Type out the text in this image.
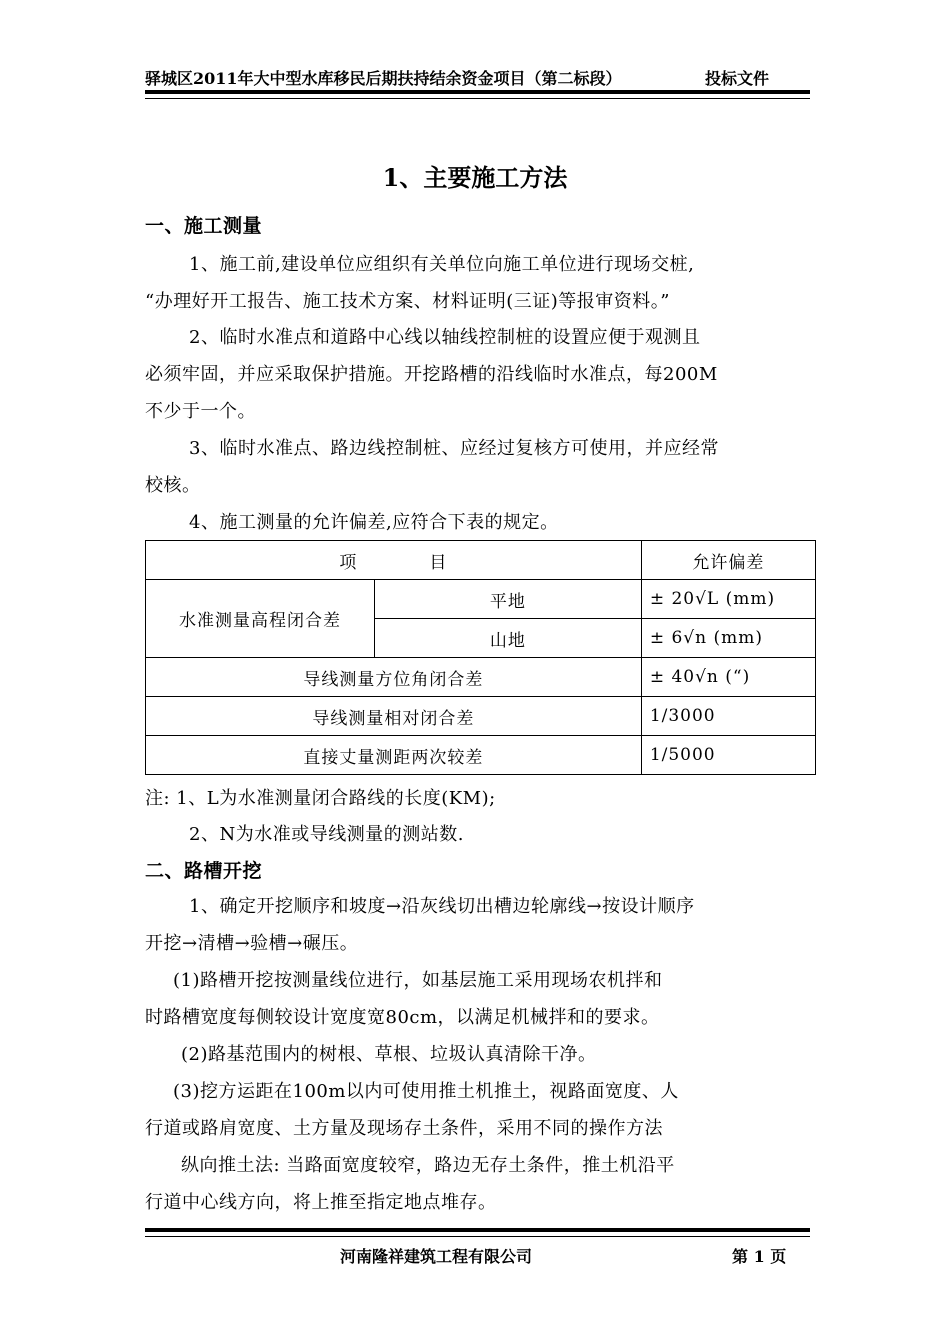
驿城区2011年大中型水库移民后期扶持结余资金项目（第二标段）	投标文件
1、主要施工方法
一、施工测量
1、施工前,建设单位应组织有关单位向施工单位进行现场交桩,
“办理好开工报告、施工技术方案、材料证明(三证)等报审资料。”
2、临时水准点和道路中心线以轴线控制桩的设置应便于观测且
必须牢固，并应采取保护措施。开挖路槽的沿线临时水准点，每200M
不少于一个。
3、临时水准点、路边线控制桩、应经过复核方可使用，并应经常
校核。
4、施工测量的允许偏差,应符合下表的规定。
项　　　　目		允许偏差
水准测量高程闭合差	平地	± 20√L (mm)
	山地	± 6√n (mm)
导线测量方位角闭合差		± 40√n (“)
导线测量相对闭合差		1/3000
直接丈量测距两次较差		1/5000
注: 1、L为水准测量闭合路线的长度(KM);
2、N为水准或导线测量的测站数.
二、路槽开挖
1、确定开挖顺序和坡度→沿灰线切出槽边轮廓线→按设计顺序
开挖→清槽→验槽→碾压。
(1)路槽开挖按测量线位进行，如基层施工采用现场农机拌和
时路槽宽度每侧较设计宽度宽80cm，以满足机械拌和的要求。
(2)路基范围内的树根、草根、垃圾认真清除干净。
(3)挖方运距在100m以内可使用推土机推土，视路面宽度、人
行道或路肩宽度、土方量及现场存土条件，采用不同的操作方法
纵向推土法: 当路面宽度较窄，路边无存土条件，推土机沿平
行道中心线方向，将上推至指定地点堆存。
河南隆祥建筑工程有限公司	第 1 页
